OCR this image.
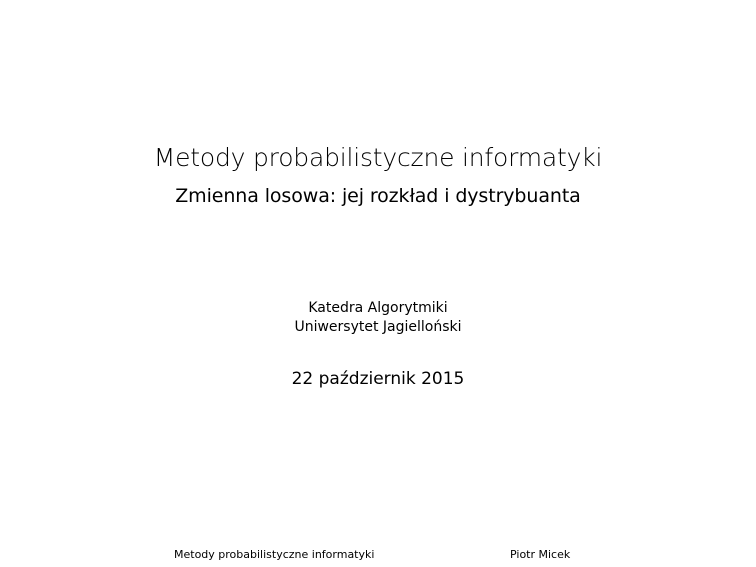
Metody probabilistyczne informatyki
Zmienna losowa: jej rozkład i dystrybuanta
Katedra Algorytmiki
Uniwersytet Jagielloński
22 październik 2015
Metody probabilistyczne informatyki	Piotr Micek
